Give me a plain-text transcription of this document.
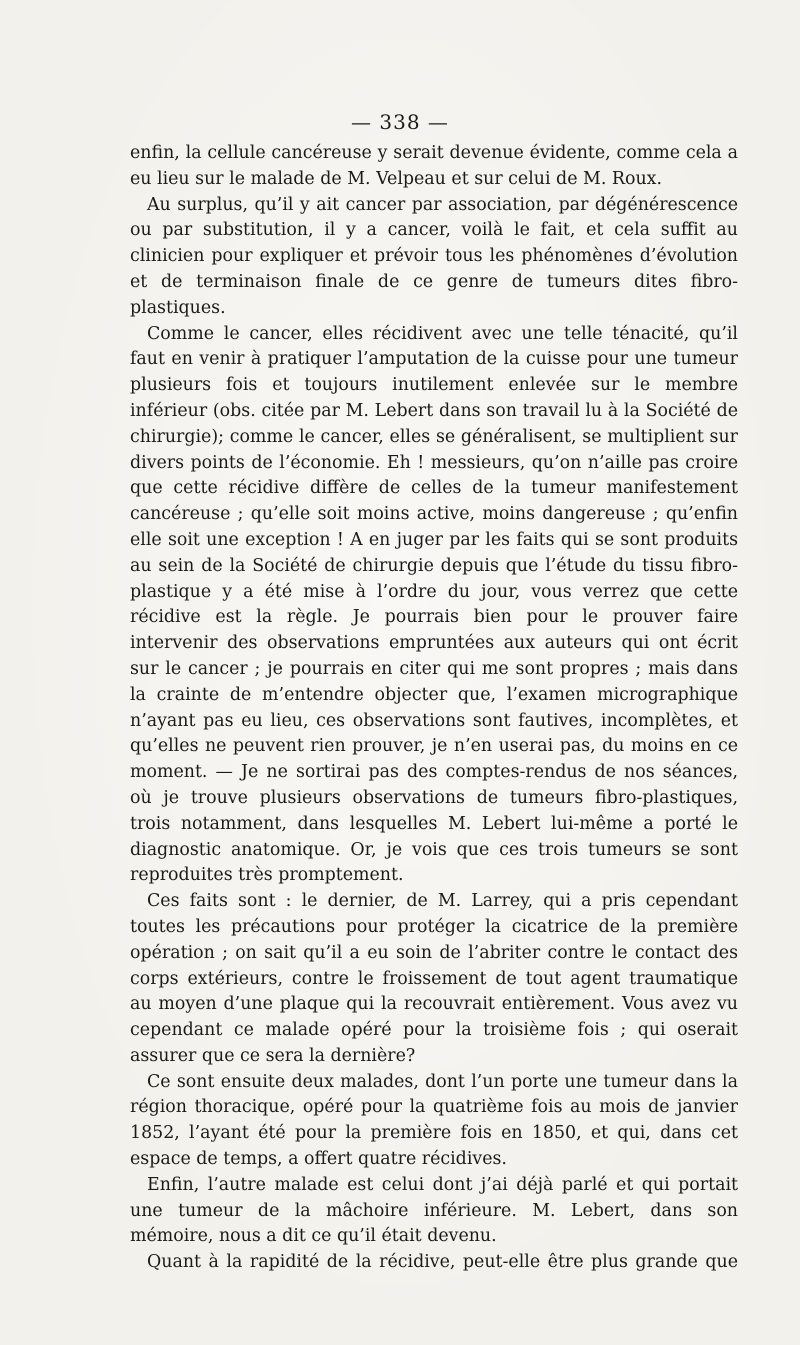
— 338 —

enfin, la cellule cancéreuse y serait devenue évidente, comme cela a eu lieu sur le malade de M. Velpeau et sur celui de M. Roux.

Au surplus, qu’il y ait cancer par association, par dégénérescence ou par substitution, il y a cancer, voilà le fait, et cela suffit au clinicien pour expliquer et prévoir tous les phénomènes d’évolution et de terminaison finale de ce genre de tumeurs dites fibro-plastiques.

Comme le cancer, elles récidivent avec une telle ténacité, qu’il faut en venir à pratiquer l’amputation de la cuisse pour une tumeur plusieurs fois et toujours inutilement enlevée sur le membre inférieur (obs. citée par M. Lebert dans son travail lu à la Société de chirurgie); comme le cancer, elles se généralisent, se multiplient sur divers points de l’économie. Eh ! messieurs, qu’on n’aille pas croire que cette récidive diffère de celles de la tumeur manifestement cancéreuse ; qu’elle soit moins active, moins dangereuse ; qu’enfin elle soit une exception ! A en juger par les faits qui se sont produits au sein de la Société de chirurgie depuis que l’étude du tissu fibro-plastique y a été mise à l’ordre du jour, vous verrez que cette récidive est la règle. Je pourrais bien pour le prouver faire intervenir des observations empruntées aux auteurs qui ont écrit sur le cancer ; je pourrais en citer qui me sont propres ; mais dans la crainte de m’entendre objecter que, l’examen micrographique n’ayant pas eu lieu, ces observations sont fautives, incomplètes, et qu’elles ne peuvent rien prouver, je n’en userai pas, du moins en ce moment. — Je ne sortirai pas des comptes-rendus de nos séances, où je trouve plusieurs observations de tumeurs fibro-plastiques, trois notamment, dans lesquelles M. Lebert lui-même a porté le diagnostic anatomique. Or, je vois que ces trois tumeurs se sont reproduites très promptement.

Ces faits sont : le dernier, de M. Larrey, qui a pris cependant toutes les précautions pour protéger la cicatrice de la première opération ; on sait qu’il a eu soin de l’abriter contre le contact des corps extérieurs, contre le froissement de tout agent traumatique au moyen d’une plaque qui la recouvrait entièrement. Vous avez vu cependant ce malade opéré pour la troisième fois ; qui oserait assurer que ce sera la dernière?

Ce sont ensuite deux malades, dont l’un porte une tumeur dans la région thoracique, opéré pour la quatrième fois au mois de janvier 1852, l’ayant été pour la première fois en 1850, et qui, dans cet espace de temps, a offert quatre récidives.

Enfin, l’autre malade est celui dont j’ai déjà parlé et qui portait une tumeur de la mâchoire inférieure. M. Lebert, dans son mémoire, nous a dit ce qu’il était devenu.

Quant à la rapidité de la récidive, peut-elle être plus grande que
